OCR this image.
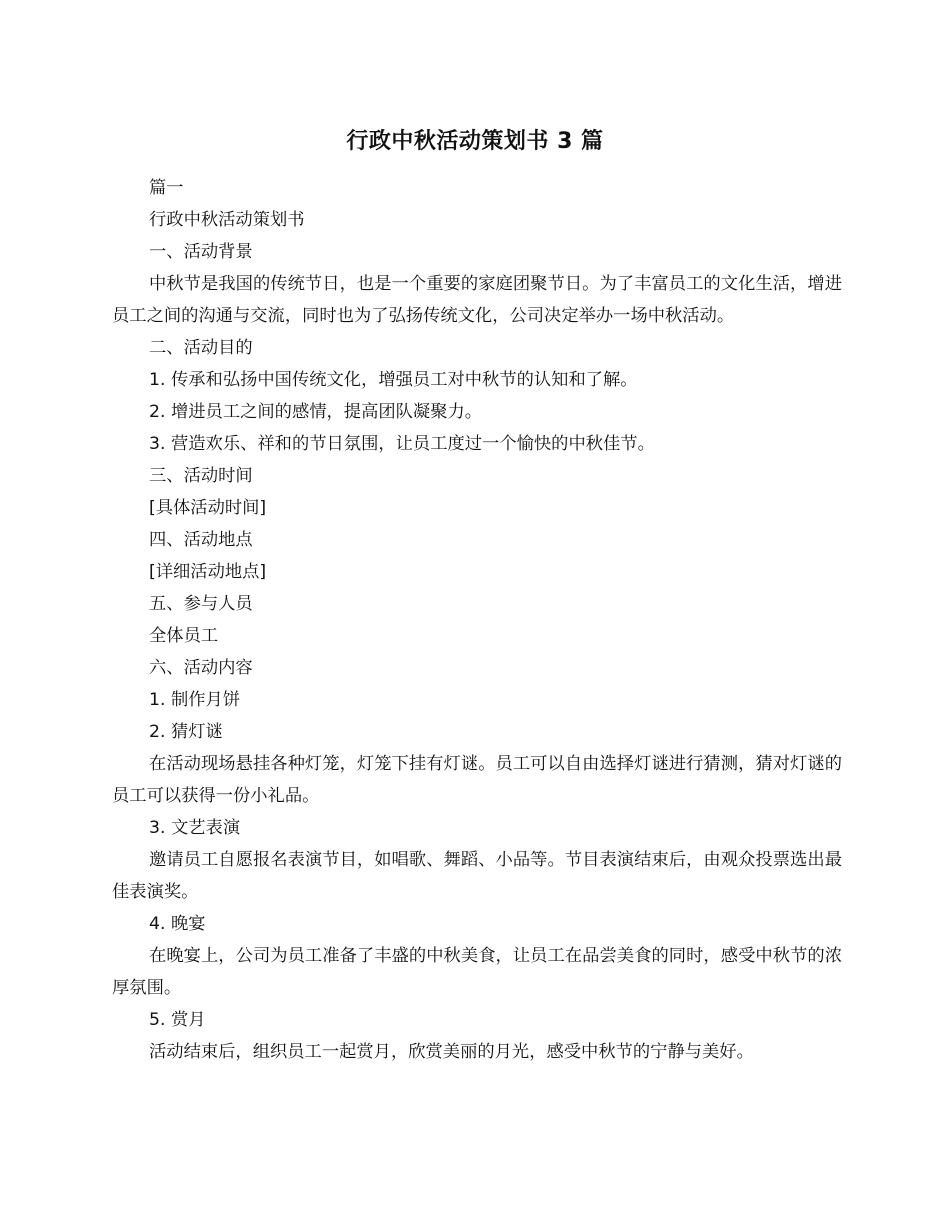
行政中秋活动策划书 3 篇

篇一

行政中秋活动策划书

一、活动背景

中秋节是我国的传统节日，也是一个重要的家庭团聚节日。为了丰富员工的文化生活，增进员工之间的沟通与交流，同时也为了弘扬传统文化，公司决定举办一场中秋活动。

二、活动目的

1. 传承和弘扬中国传统文化，增强员工对中秋节的认知和了解。

2. 增进员工之间的感情，提高团队凝聚力。

3. 营造欢乐、祥和的节日氛围，让员工度过一个愉快的中秋佳节。

三、活动时间

[具体活动时间]

四、活动地点

[详细活动地点]

五、参与人员

全体员工

六、活动内容

1. 制作月饼

2. 猜灯谜

在活动现场悬挂各种灯笼，灯笼下挂有灯谜。员工可以自由选择灯谜进行猜测，猜对灯谜的员工可以获得一份小礼品。

3. 文艺表演

邀请员工自愿报名表演节目，如唱歌、舞蹈、小品等。节目表演结束后，由观众投票选出最佳表演奖。

4. 晚宴

在晚宴上，公司为员工准备了丰盛的中秋美食，让员工在品尝美食的同时，感受中秋节的浓厚氛围。

5. 赏月

活动结束后，组织员工一起赏月，欣赏美丽的月光，感受中秋节的宁静与美好。
